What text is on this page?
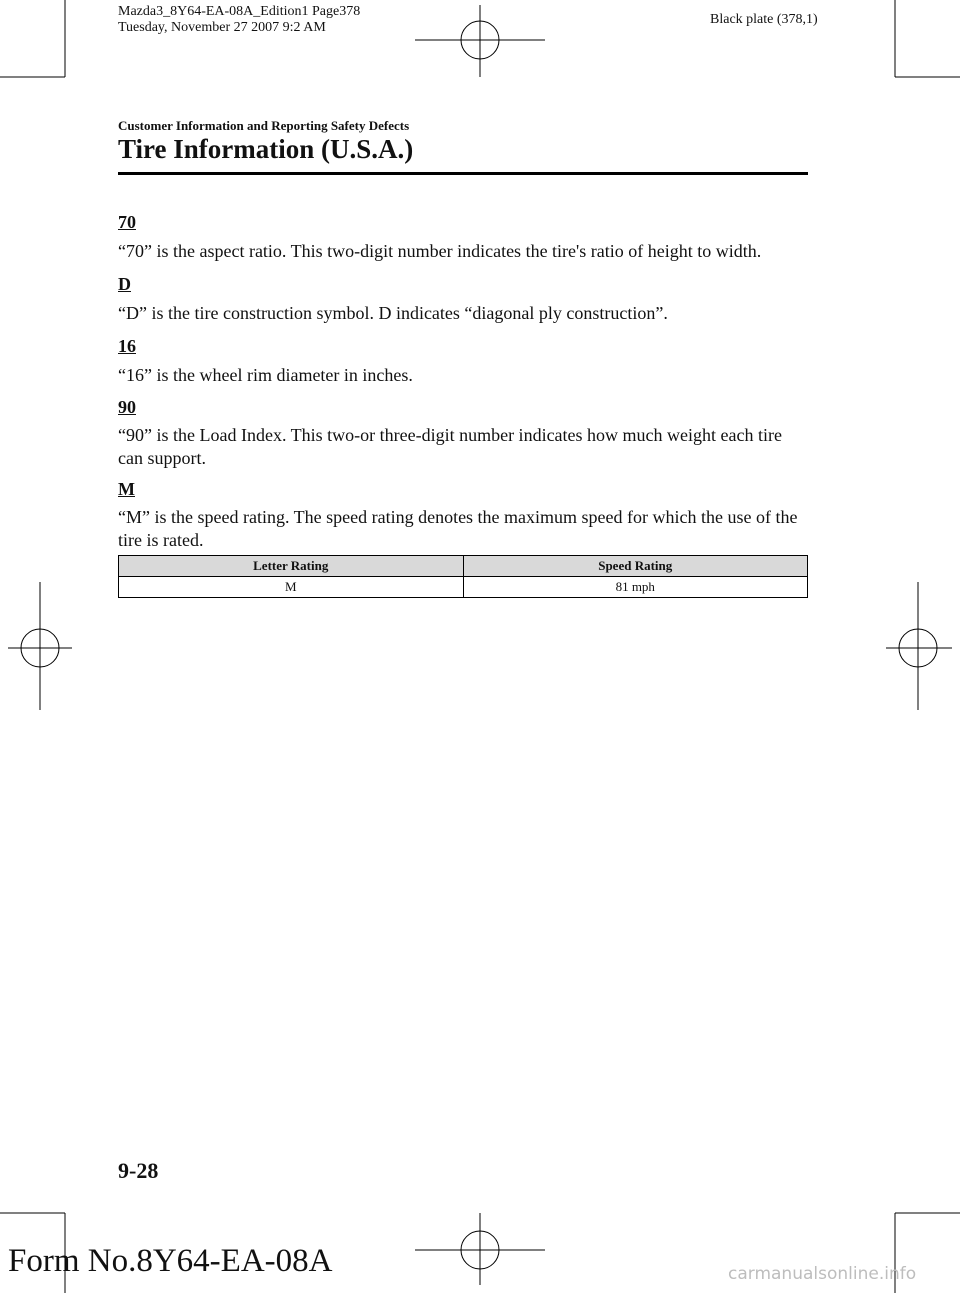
Mazda3_8Y64-EA-08A_Edition1 Page378
Tuesday, November 27 2007 9:2 AM
Black plate (378,1)
Customer Information and Reporting Safety Defects
Tire Information (U.S.A.)
70
“70” is the aspect ratio. This two-digit number indicates the tire's ratio of height to width.
D
“D” is the tire construction symbol. D indicates “diagonal ply construction”.
16
“16” is the wheel rim diameter in inches.
90
“90” is the Load Index. This two-or three-digit number indicates how much weight each tire can support.
M
“M” is the speed rating. The speed rating denotes the maximum speed for which the use of the tire is rated.
Letter Rating	Speed Rating
M	81 mph
9-28
Form No.8Y64-EA-08A	carmanualsonline.info
